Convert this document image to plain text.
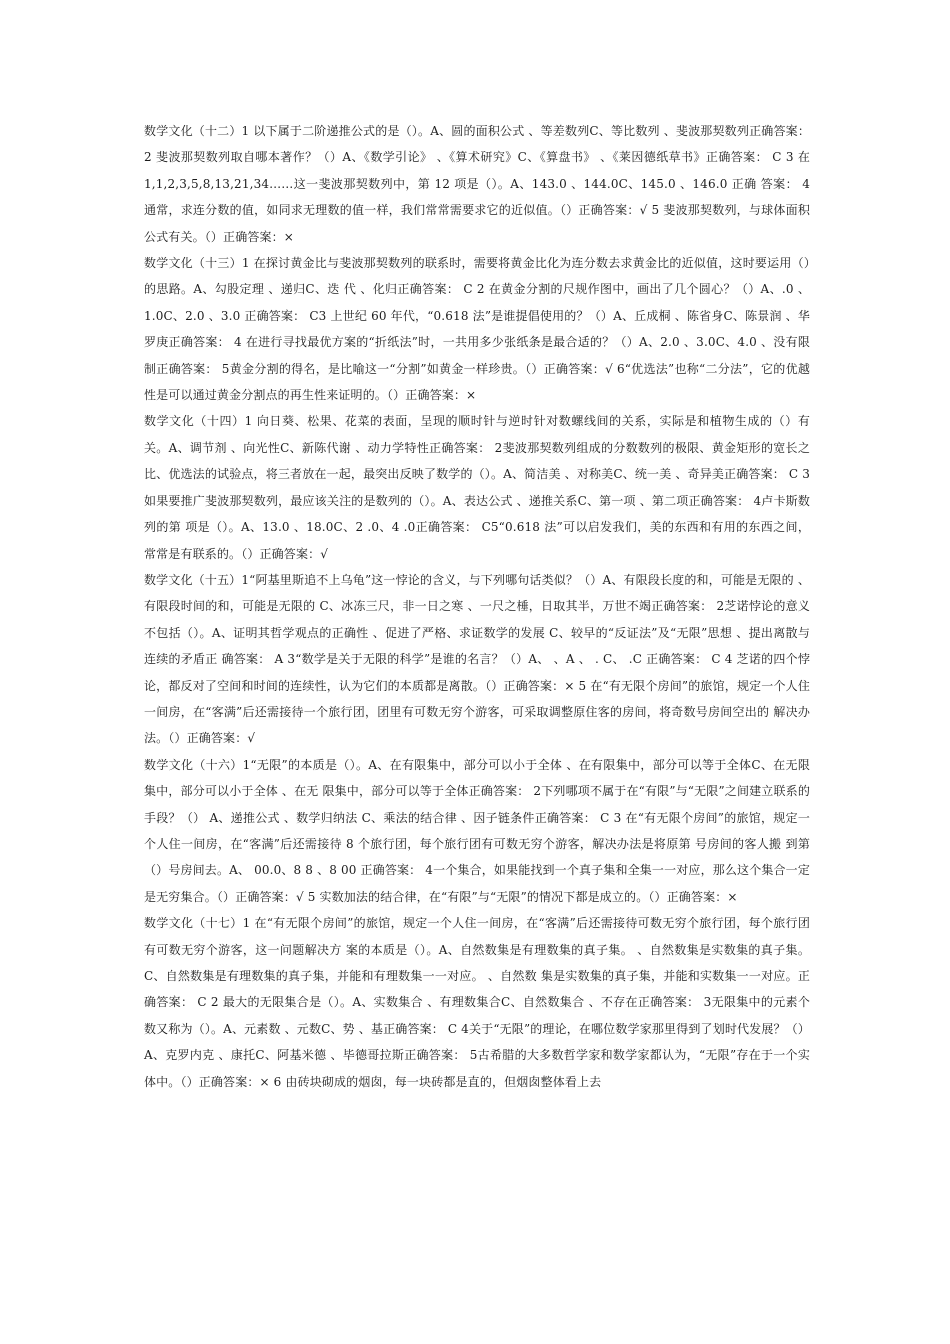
数学文化（十二）1 以下属于二阶递推公式的是（）。A、圆的面积公式 、等差数列C、等比数列 、斐波那契数列正确答案： 2 斐波那契数列取自哪本著作？（）A、《数学引论》 、《算术研究》C、《算盘书》 、《莱因德纸草书》正确答案： C 3 在 1,1,2,3,5,8,13,21,34……这一斐波那契数列中，第 12 项是（）。A、143.0 、144.0C、145.0 、146.0 正确 答案： 4 通常，求连分数的值，如同求无理数的值一样，我们常常需要求它的近似值。（）正确答案：√ 5 斐波那契数列，与球体面积公式有关。（）正确答案：×

数学文化（十三）1 在探讨黄金比与斐波那契数列的联系时，需要将黄金比化为连分数去求黄金比的近似值，这时要运用（）的思路。A、勾股定理 、递归C、迭 代 、化归正确答案： C 2 在黄金分割的尺规作图中，画出了几个圆心？（）A、.0 、1.0C、2.0 、3.0 正确答案： C3 上世纪 60 年代，“0.618 法”是谁提倡使用的？（）A、丘成桐 、陈省身C、陈景润 、华罗庚正确答案： 4 在进行寻找最优方案的“折纸法”时，一共用多少张纸条是最合适的？（）A、2.0 、3.0C、4.0 、没有限制正确答案： 5黄金分割的得名，是比喻这一“分割”如黄金一样珍贵。（）正确答案：√ 6“优选法”也称“二分法”，它的优越性是可以通过黄金分割点的再生性来证明的。（）正确答案：×

数学文化（十四）1 向日葵、松果、花菜的表面，呈现的顺时针与逆时针对数螺线间的关系，实际是和植物生成的（）有关。A、调节剂 、向光性C、新陈代谢 、动力学特性正确答案： 2斐波那契数列组成的分数数列的极限、黄金矩形的宽长之比、优选法的试验点，将三者放在一起，最突出反映了数学的（）。A、简洁美 、对称美C、统一美 、奇异美正确答案： C 3 如果要推广斐波那契数列，最应该关注的是数列的（）。A、表达公式 、递推关系C、第一项 、第二项正确答案： 4卢卡斯数列的第 项是（）。A、13.0 、18.0C、2 .0、4 .0正确答案： C5“0.618 法”可以启发我们，美的东西和有用的东西之间，常常是有联系的。（）正确答案：√

数学文化（十五）1“阿基里斯追不上乌龟”这一悖论的含义，与下列哪句话类似？（）A、有限段长度的和，可能是无限的 、有限段时间的和，可能是无限的 C、冰冻三尺，非一日之寒 、一尺之棰，日取其半，万世不竭正确答案： 2芝诺悖论的意义不包括（）。A、证明其哲学观点的正确性 、促进了严格、求证数学的发展 C、较早的“反证法”及“无限”思想 、提出离散与连续的矛盾正 确答案： A 3“数学是关于无限的科学”是谁的名言？（）A、 、A 、 . C、 .C 正确答案： C 4 芝诺的四个悖论，都反对了空间和时间的连续性，认为它们的本质都是离散。（）正确答案：× 5 在“有无限个房间”的旅馆，规定一个人住一间房，在“客满”后还需接待一个旅行团，团里有可数无穷个游客，可采取调整原住客的房间，将奇数号房间空出的 解决办法。（）正确答案：√

数学文化（十六）1“无限”的本质是（）。A、在有限集中，部分可以小于全体 、在有限集中，部分可以等于全体C、在无限集中，部分可以小于全体 、在无 限集中，部分可以等于全体正确答案： 2下列哪项不属于在“有限”与“无限”之间建立联系的手段？（） A、递推公式 、数学归纳法 C、乘法的结合律 、因子链条件正确答案： C 3 在“有无限个房间”的旅馆，规定一个人住一间房，在“客满”后还需接待 8 个旅行团，每个旅行团有可数无穷个游客，解决办法是将原第 号房间的客人搬 到第（）号房间去。A、 00.0、8 8 、8 00 正确答案： 4一个集合，如果能找到一个真子集和全集一一对应，那么这个集合一定是无穷集合。（）正确答案：√ 5 实数加法的结合律，在“有限”与“无限”的情况下都是成立的。（）正确答案：×

数学文化（十七）1 在“有无限个房间”的旅馆，规定一个人住一间房，在“客满”后还需接待可数无穷个旅行团，每个旅行团有可数无穷个游客，这一问题解决方 案的本质是（）。A、自然数集是有理数集的真子集。 、自然数集是实数集的真子集。C、自然数集是有理数集的真子集，并能和有理数集一一对应。 、自然数 集是实数集的真子集，并能和实数集一一对应。正确答案： C 2 最大的无限集合是（）。A、实数集合 、有理数集合C、自然数集合 、不存在正确答案： 3无限集中的元素个数又称为（）。A、元素数 、元数C、势 、基正确答案： C 4关于“无限”的理论，在哪位数学家那里得到了划时代发展？（）A、克罗内克 、康托C、阿基米德 、毕德哥拉斯正确答案： 5古希腊的大多数哲学家和数学家都认为，“无限”存在于一个实体中。（）正确答案：× 6 由砖块砌成的烟囱，每一块砖都是直的，但烟囱整体看上去
